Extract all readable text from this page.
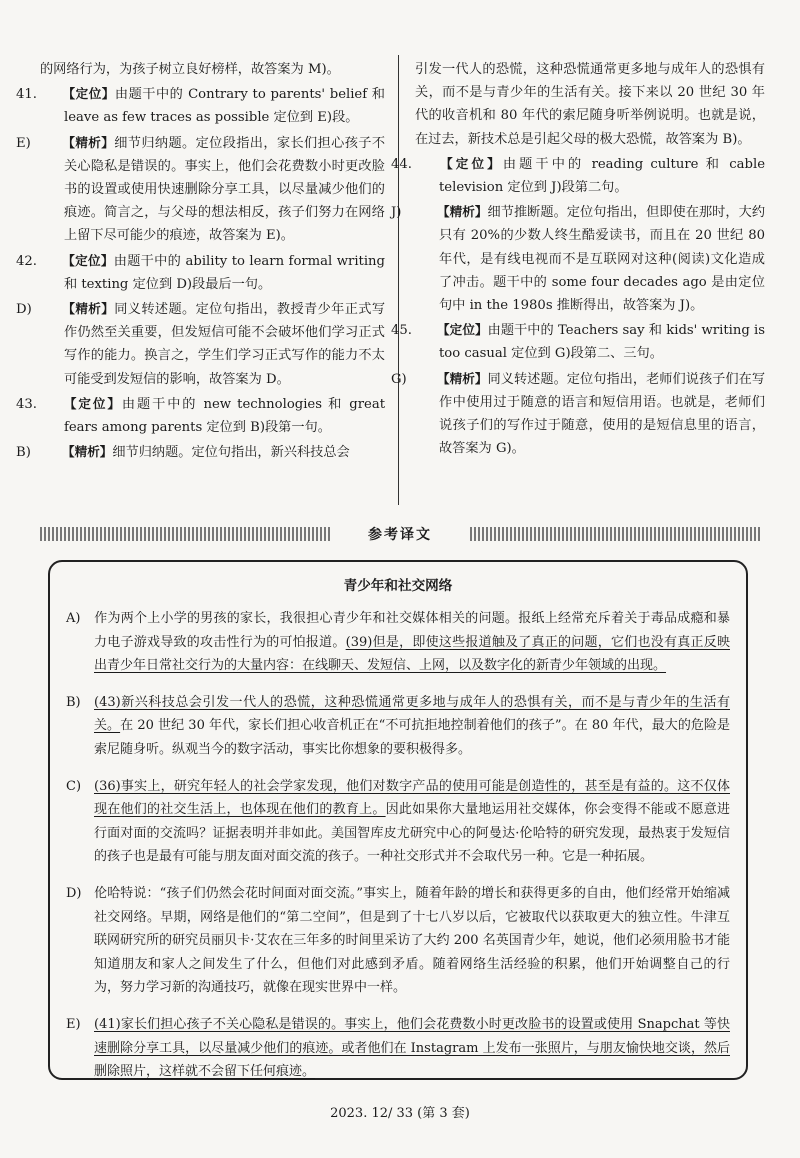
的网络行为，为孩子树立良好榜样，故答案为 M)。

41. 【定位】由题干中的 Contrary to parents' belief 和 leave as few traces as possible 定位到 E)段。

E) 【精析】细节归纳题。定位段指出，家长们担心孩子不关心隐私是错误的。事实上，他们会花费数小时更改脸书的设置或使用快速删除分享工具，以尽量减少他们的痕迹。简言之，与父母的想法相反，孩子们努力在网络上留下尽可能少的痕迹，故答案为 E)。

42. 【定位】由题干中的 ability to learn formal writing 和 texting 定位到 D)段最后一句。

D) 【精析】同义转述题。定位句指出，教授青少年正式写作仍然至关重要，但发短信可能不会破坏他们学习正式写作的能力。换言之，学生们学习正式写作的能力不太可能受到发短信的影响，故答案为 D。

43. 【定位】由题干中的 new technologies 和 great fears among parents 定位到 B)段第一句。

B) 【精析】细节归纳题。定位句指出，新兴科技总会

引发一代人的恐慌，这种恐慌通常更多地与成年人的恐惧有关，而不是与青少年的生活有关。接下来以 20 世纪 30 年代的收音机和 80 年代的索尼随身听举例说明。也就是说，在过去，新技术总是引起父母的极大恐慌，故答案为 B)。

44. 【定位】由题干中的 reading culture 和 cable television 定位到 J)段第二句。

J)	【精析】细节推断题。定位句指出，但即使在那时，大约只有 20%的少数人终生酷爱读书，而且在 20 世纪 80 年代，是有线电视而不是互联网对这种(阅读)文化造成了冲击。题干中的 some four decades ago 是由定位句中 in the 1980s 推断得出，故答案为 J)。

45. 【定位】由题干中的 Teachers say 和 kids' writing is too casual 定位到 G)段第二、三句。

G) 【精析】同义转述题。定位句指出，老师们说孩子们在写作中使用过于随意的语言和短信用语。也就是，老师们说孩子们的写作过于随意，使用的是短信息里的语言，故答案为 G)。

参考译文
青少年和社交网络

A) 作为两个上小学的男孩的家长，我很担心青少年和社交媒体相关的问题。报纸上经常充斥着关于毒品成瘾和暴力电子游戏导致的攻击性行为的可怕报道。(39)但是，即使这些报道触及了真正的问题，它们也没有真正反映出青少年日常社交行为的大量内容：在线聊天、发短信、上网，以及数字化的新青少年领域的出现。

B) (43)新兴科技总会引发一代人的恐慌，这种恐慌通常更多地与成年人的恐惧有关，而不是与青少年的生活有关。在 20 世纪 30 年代，家长们担心收音机正在“不可抗拒地控制着他们的孩子”。在 80 年代，最大的危险是索尼随身听。纵观当今的数字活动，事实比你想象的要积极得多。

C) (36)事实上，研究年轻人的社会学家发现，他们对数字产品的使用可能是创造性的，甚至是有益的。这不仅体现在他们的社交生活上，也体现在他们的教育上。因此如果你大量地运用社交媒体，你会变得不能或不愿意进行面对面的交流吗？证据表明并非如此。美国智库皮尤研究中心的阿曼达·伦哈特的研究发现，最热衷于发短信的孩子也是最有可能与朋友面对面交流的孩子。一种社交形式并不会取代另一种。它是一种拓展。

D) 伦哈特说：“孩子们仍然会花时间面对面交流。”事实上，随着年龄的增长和获得更多的自由，他们经常开始缩减社交网络。早期，网络是他们的“第二空间”，但是到了十七八岁以后，它被取代以获取更大的独立性。牛津互联网研究所的研究员丽贝卡·艾农在三年多的时间里采访了大约 200 名英国青少年，她说，他们必须用脸书才能知道朋友和家人之间发生了什么，但他们对此感到矛盾。随着网络生活经验的积累，他们开始调整自己的行为，努力学习新的沟通技巧，就像在现实世界中一样。

E) (41)家长们担心孩子不关心隐私是错误的。事实上，他们会花费数小时更改脸书的设置或使用 Snapchat 等快速删除分享工具，以尽量减少他们的痕迹。或者他们在 Instagram 上发布一张照片，与朋友愉快地交谈，然后删除照片，这样就不会留下任何痕迹。

2023. 12/ 33 (第 3 套)
